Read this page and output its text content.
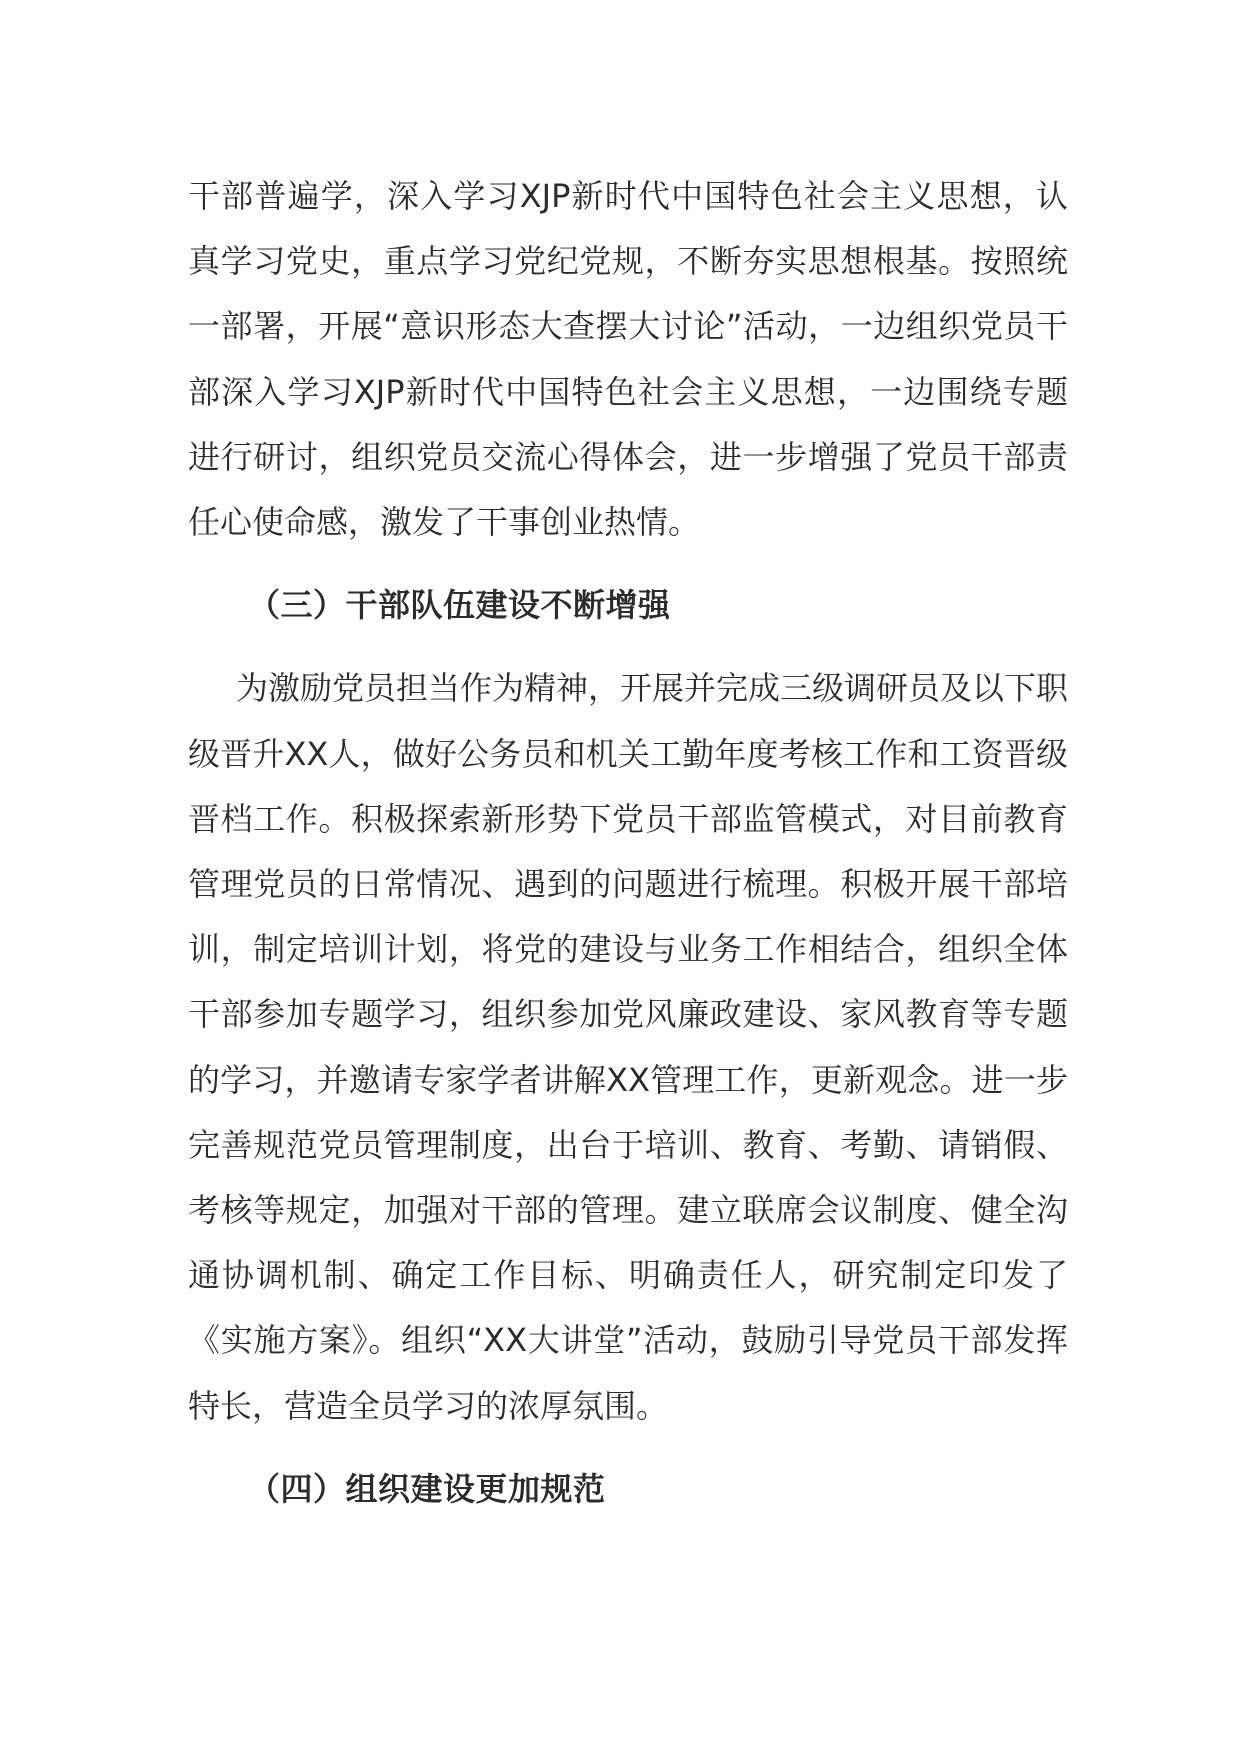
干部普遍学，深入学习XJP新时代中国特色社会主义思想，认真学习党史，重点学习党纪党规，不断夯实思想根基。按照统一部署，开展“意识形态大查摆大讨论”活动，一边组织党员干部深入学习XJP新时代中国特色社会主义思想，一边围绕专题进行研讨，组织党员交流心得体会，进一步增强了党员干部责任心使命感，激发了干事创业热情。

（三）干部队伍建设不断增强

为激励党员担当作为精神，开展并完成三级调研员及以下职级晋升XX人，做好公务员和机关工勤年度考核工作和工资晋级晋档工作。积极探索新形势下党员干部监管模式，对目前教育管理党员的日常情况、遇到的问题进行梳理。积极开展干部培训，制定培训计划，将党的建设与业务工作相结合，组织全体干部参加专题学习，组织参加党风廉政建设、家风教育等专题的学习，并邀请专家学者讲解XX管理工作，更新观念。进一步完善规范党员管理制度，出台于培训、教育、考勤、请销假、考核等规定，加强对干部的管理。建立联席会议制度、健全沟通协调机制、确定工作目标、明确责任人，研究制定印发了《实施方案》。组织“XX大讲堂”活动，鼓励引导党员干部发挥特长，营造全员学习的浓厚氛围。

（四）组织建设更加规范
